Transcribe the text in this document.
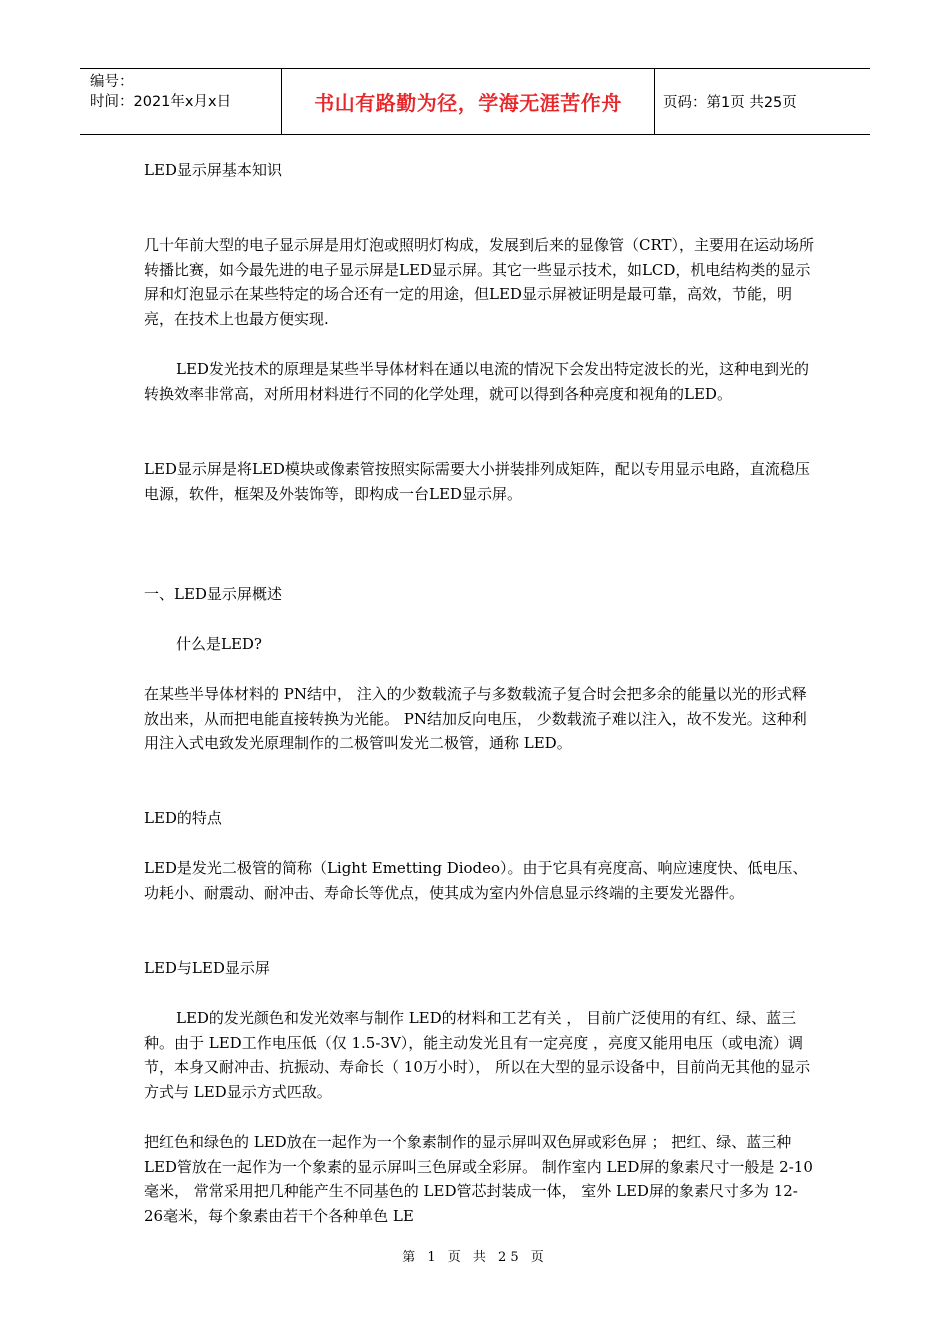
编号：
时间：2021年x月x日	书山有路勤为径，学海无涯苦作舟	页码：第1页 共25页

LED显示屏基本知识

几十年前大型的电子显示屏是用灯泡或照明灯构成，发展到后来的显像管（CRT），主要用在运动场所转播比赛，如今最先进的电子显示屏是LED显示屏。其它一些显示技术，如LCD，机电结构类的显示屏和灯泡显示在某些特定的场合还有一定的用途，但LED显示屏被证明是最可靠，高效，节能，明亮，在技术上也最方便实现.

LED发光技术的原理是某些半导体材料在通以电流的情况下会发出特定波长的光，这种电到光的转换效率非常高，对所用材料进行不同的化学处理，就可以得到各种亮度和视角的LED。

LED显示屏是将LED模块或像素管按照实际需要大小拼装排列成矩阵，配以专用显示电路，直流稳压电源，软件，框架及外装饰等，即构成一台LED显示屏。

一、LED显示屏概述

什么是LED?

在某些半导体材料的 PN结中， 注入的少数载流子与多数载流子复合时会把多余的能量以光的形式释放出来，从而把电能直接转换为光能。 PN结加反向电压， 少数载流子难以注入，故不发光。这种利用注入式电致发光原理制作的二极管叫发光二极管，通称 LED。

LED的特点

LED是发光二极管的简称（Light Emetting Diodeo）。由于它具有亮度高、响应速度快、低电压、功耗小、耐震动、耐冲击、寿命长等优点，使其成为室内外信息显示终端的主要发光器件。

LED与LED显示屏

LED的发光颜色和发光效率与制作 LED的材料和工艺有关 ， 目前广泛使用的有红、绿、蓝三种。由于 LED工作电压低（仅 1.5-3V），能主动发光且有一定亮度 ，亮度又能用电压（或电流）调节，本身又耐冲击、抗振动、寿命长（ 10万小时）， 所以在大型的显示设备中，目前尚无其他的显示方式与 LED显示方式匹敌。

把红色和绿色的 LED放在一起作为一个象素制作的显示屏叫双色屏或彩色屏 ； 把红、绿、蓝三种 LED管放在一起作为一个象素的显示屏叫三色屏或全彩屏。 制作室内 LED屏的象素尺寸一般是 2-10毫米， 常常采用把几种能产生不同基色的 LED管芯封装成一体， 室外 LED屏的象素尺寸多为 12-26毫米，每个象素由若干个各种单色 LE

第 1 页 共 25 页
